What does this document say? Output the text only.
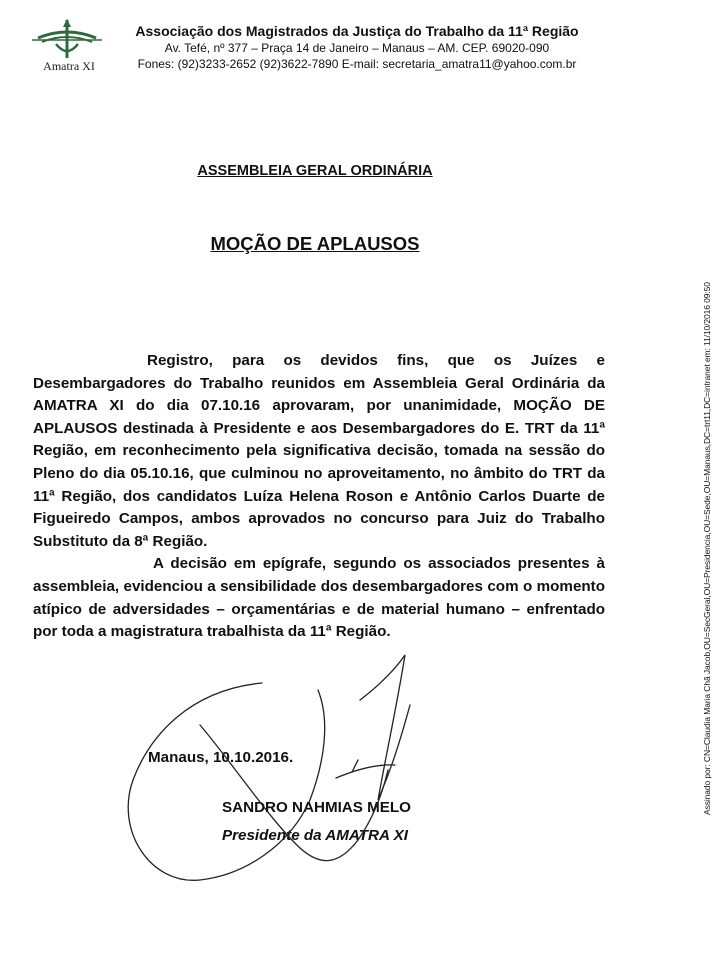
Amatra XI
Associação dos Magistrados da Justiça do Trabalho da 11ª Região
Av. Tefé, nº 377 – Praça 14 de Janeiro – Manaus – AM. CEP. 69020-090
Fones: (92)3233-2652 (92)3622-7890 E-mail: secretaria_amatra11@yahoo.com.br
ASSEMBLEIA GERAL ORDINÁRIA
MOÇÃO DE APLAUSOS

Registro, para os devidos fins, que os Juízes e Desembargadores do Trabalho reunidos em Assembleia Geral Ordinária da AMATRA XI do dia 07.10.16 aprovaram, por unanimidade, MOÇÃO DE APLAUSOS destinada à Presidente e aos Desembargadores do E. TRT da 11ª Região, em reconhecimento pela significativa decisão, tomada na sessão do Pleno do dia 05.10.16, que culminou no aproveitamento, no âmbito do TRT da 11ª Região, dos candidatos Luíza Helena Roson e Antônio Carlos Duarte de Figueiredo Campos, ambos aprovados no concurso para Juiz do Trabalho Substituto da 8ª Região.

A decisão em epígrafe, segundo os associados presentes à assembleia, evidenciou a sensibilidade dos desembargadores com o momento atípico de adversidades – orçamentárias e de material humano – enfrentado por toda a magistratura trabalhista da 11ª Região.

Manaus, 10.10.2016.
SANDRO NAHMIAS MELO
Presidente da AMATRA XI
Assinado por: CN=Claudia Maria Chã Jacob,OU=SecGeral,OU=Presidencia,OU=Sede,OU=Manaus,DC=trt11,DC=intranet em: 11/10/2016 09:50
